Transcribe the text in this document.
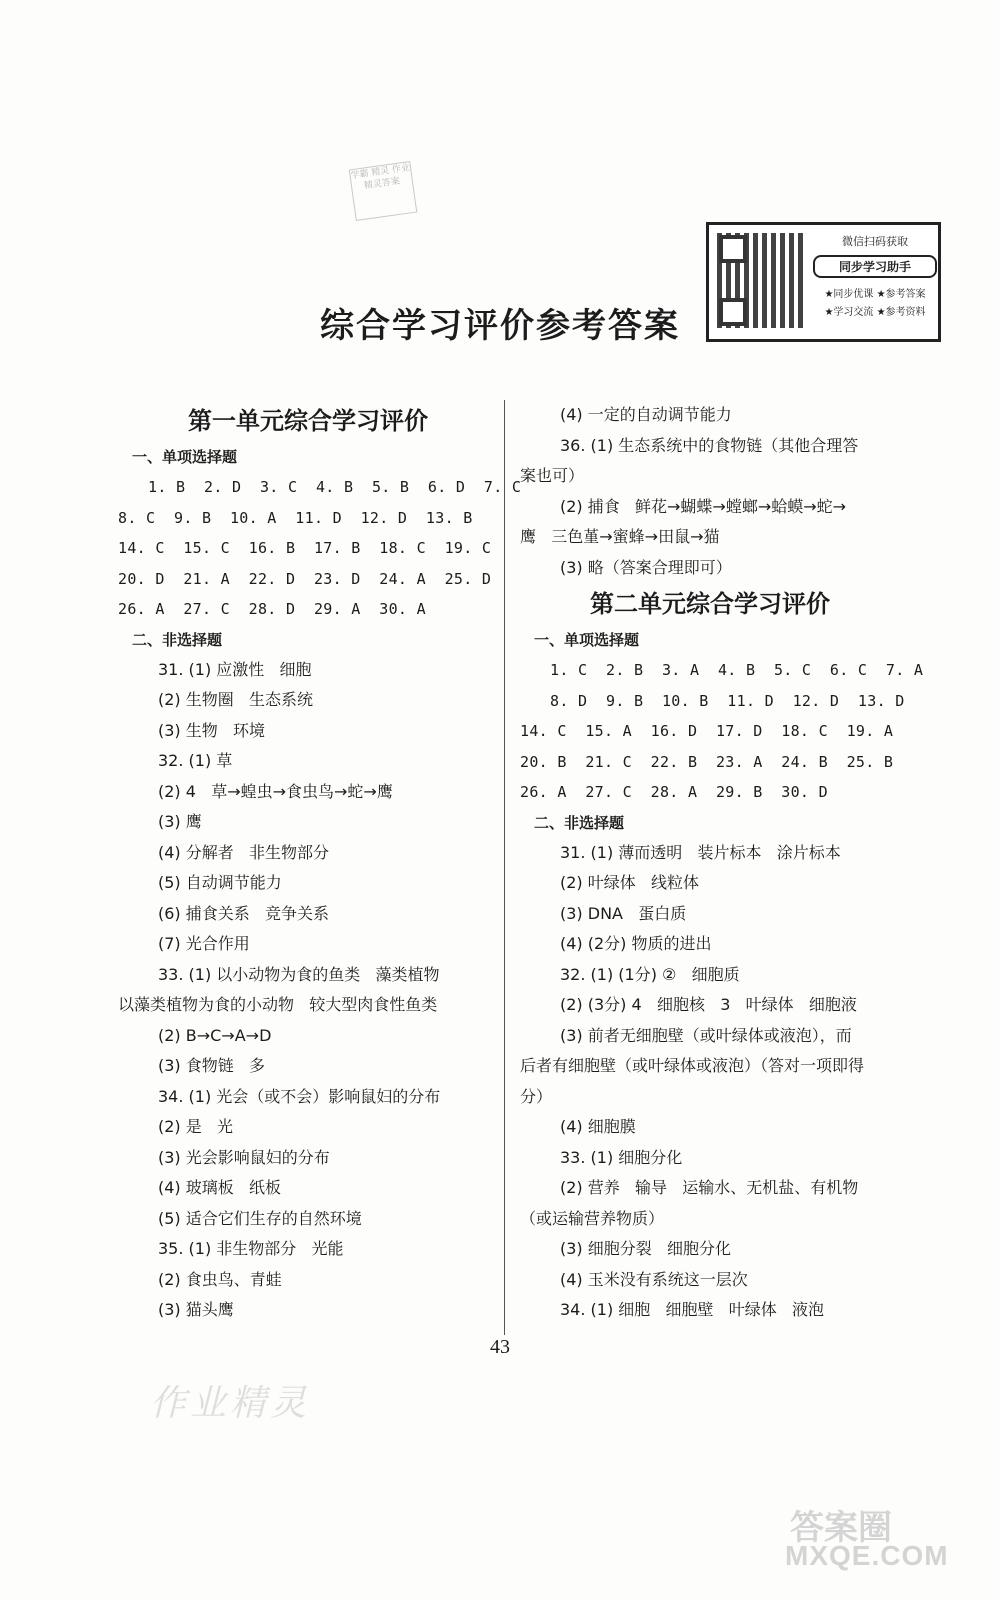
学霸 精灵 作业精灵答案
微信扫码获取
同步学习助手
★同步优课 ★参考答案
★学习交流 ★参考资料
综合学习评价参考答案
第一单元综合学习评价
一、单项选择题
1. B  2. D  3. C  4. B  5. B  6. D  7. C
8. C  9. B  10. A  11. D  12. D  13. B
14. C  15. C  16. B  17. B  18. C  19. C
20. D  21. A  22. D  23. D  24. A  25. D
26. A  27. C  28. D  29. A  30. A
二、非选择题
31. (1) 应激性   细胞
(2) 生物圈   生态系统
(3) 生物   环境
32. (1) 草
(2) 4   草→蝗虫→食虫鸟→蛇→鹰
(3) 鹰
(4) 分解者   非生物部分
(5) 自动调节能力
(6) 捕食关系   竞争关系
(7) 光合作用
33. (1) 以小动物为食的鱼类   藻类植物
以藻类植物为食的小动物   较大型肉食性鱼类
(2) B→C→A→D
(3) 食物链   多
34. (1) 光会（或不会）影响鼠妇的分布
(2) 是   光
(3) 光会影响鼠妇的分布
(4) 玻璃板   纸板
(5) 适合它们生存的自然环境
35. (1) 非生物部分   光能
(2) 食虫鸟、青蛙
(3) 猫头鹰
(4) 一定的自动调节能力
36. (1) 生态系统中的食物链（其他合理答
案也可）
(2) 捕食   鲜花→蝴蝶→螳螂→蛤蟆→蛇→
鹰   三色堇→蜜蜂→田鼠→猫
(3) 略（答案合理即可）
第二单元综合学习评价
一、单项选择题
1. C  2. B  3. A  4. B  5. C  6. C  7. A
8. D  9. B  10. B  11. D  12. D  13. D
14. C  15. A  16. D  17. D  18. C  19. A
20. B  21. C  22. B  23. A  24. B  25. B
26. A  27. C  28. A  29. B  30. D
二、非选择题
31. (1) 薄而透明   装片标本   涂片标本
(2) 叶绿体   线粒体
(3) DNA   蛋白质
(4) (2分) 物质的进出
32. (1) (1分) ②   细胞质
(2) (3分) 4   细胞核   3   叶绿体   细胞液
(3) 前者无细胞壁（或叶绿体或液泡），而
后者有细胞壁（或叶绿体或液泡）（答对一项即得
分）
(4) 细胞膜
33. (1) 细胞分化
(2) 营养   输导   运输水、无机盐、有机物
（或运输营养物质）
(3) 细胞分裂   细胞分化
(4) 玉米没有系统这一层次
34. (1) 细胞   细胞壁   叶绿体   液泡
43
作业精灵
答案圈
MXQE.COM
